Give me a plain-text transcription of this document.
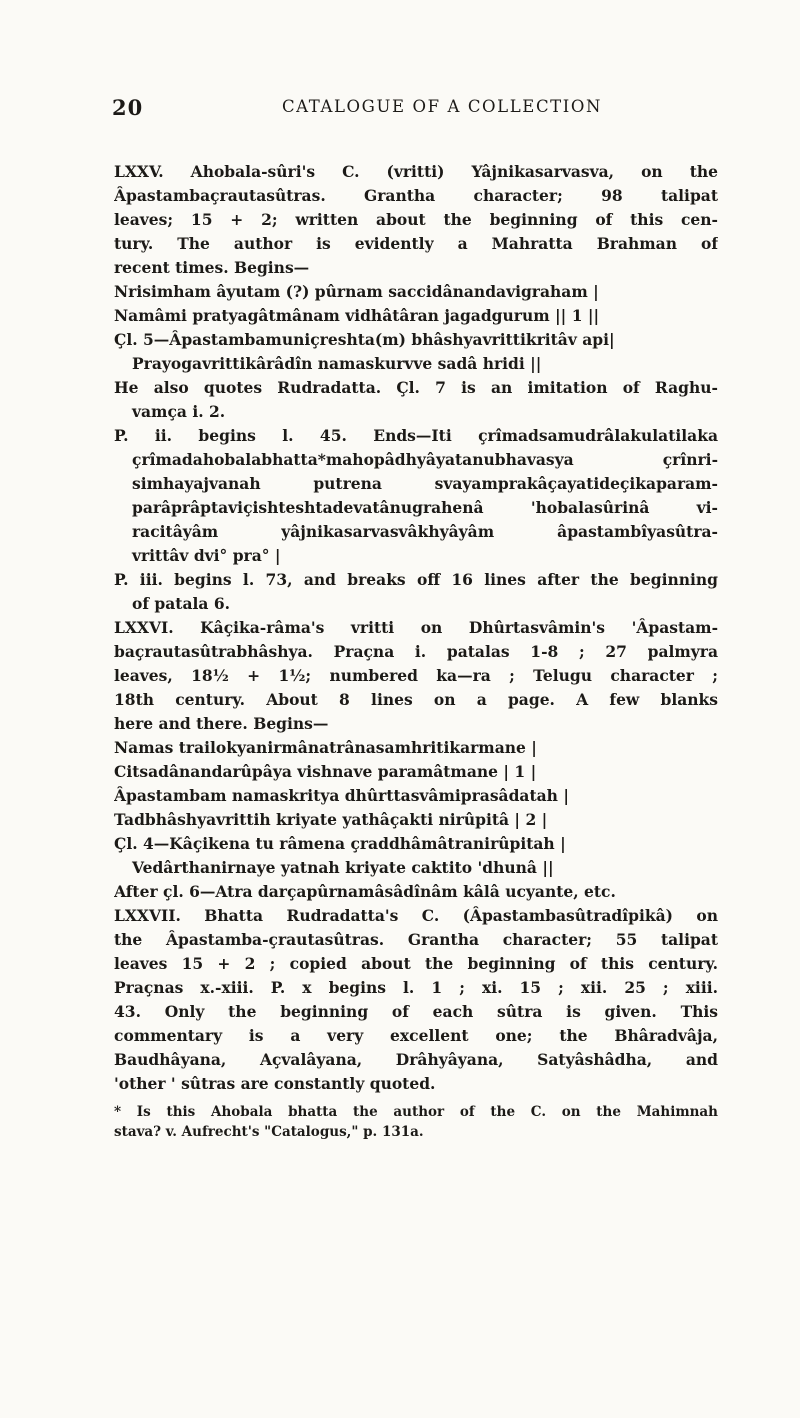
20	CATALOGUE OF A COLLECTION
LXXV. Ahobala-sûri's C. (vritti) Yâjnikasarvasva, on the
Âpastambaçrautasûtras. Grantha character; 98 talipat
leaves; 15 + 2; written about the beginning of this cen-
tury. The author is evidently a Mahratta Brahman of
recent times. Begins—
Nrisimham âyutam (?) pûrnam saccidânandavigraham |
Namâmi pratyagâtmânam vidhâtâran jagadgurum || 1 ||
Çl. 5—Âpastambamuniçreshta(m) bhâshyavrittikritâv api|
Prayogavrittikârâdîn namaskurvve sadâ hridi ||
He also quotes Rudradatta. Çl. 7 is an imitation of Raghu-
vamça i. 2.
P. ii. begins l. 45. Ends—Iti çrîmadsamudrâlakulatilaka
çrîmadahobalabhatta*mahopâdhyâyatanubhavasya çrînri-
simhayajvanah putrena svayamprakâçayatideçikaparam-
parâprâptaviçishteshtadevatânugrahenâ 'hobalasûrinâ vi-
racitâyâm yâjnikasarvasvâkhyâyâm âpastambîyasûtra-
vrittâv dvi° pra° |
P. iii. begins l. 73, and breaks off 16 lines after the beginning
of patala 6.
LXXVI. Kâçika-râma's vritti on Dhûrtasvâmin's 'Âpastam-
baçrautasûtrabhâshya. Praçna i. patalas 1-8 ; 27 palmyra
leaves, 18½ + 1½; numbered ka—ra ; Telugu character ;
18th century. About 8 lines on a page. A few blanks
here and there. Begins—
Namas trailokyanirmânatrânasamhritikarmane |
Citsadânandarûpâya vishnave paramâtmane | 1 |
Âpastambam namaskritya dhûrttasvâmiprasâdatah |
Tadbhâshyavrittih kriyate yathâçakti nirûpitâ | 2 |
Çl. 4—Kâçikena tu râmena çraddhâmâtranirûpitah |
Vedârthanirnaye yatnah kriyate caktito 'dhunâ ||
After çl. 6—Atra darçapûrnamâsâdînâm kâlâ ucyante, etc.
LXXVII. Bhatta Rudradatta's C. (Âpastambasûtradîpikâ) on
the Âpastamba-çrautasûtras. Grantha character; 55 talipat
leaves 15 + 2 ; copied about the beginning of this century.
Praçnas x.-xiii. P. x begins l. 1 ; xi. 15 ; xii. 25 ; xiii.
43. Only the beginning of each sûtra is given. This
commentary is a very excellent one; the Bhâradvâja,
Baudhâyana, Açvalâyana, Drâhyâyana, Satyâshâdha, and
'other ' sûtras are constantly quoted.
* Is this Ahobala bhatta the author of the C. on the Mahimnah
stava? v. Aufrecht's "Catalogus," p. 131a.
